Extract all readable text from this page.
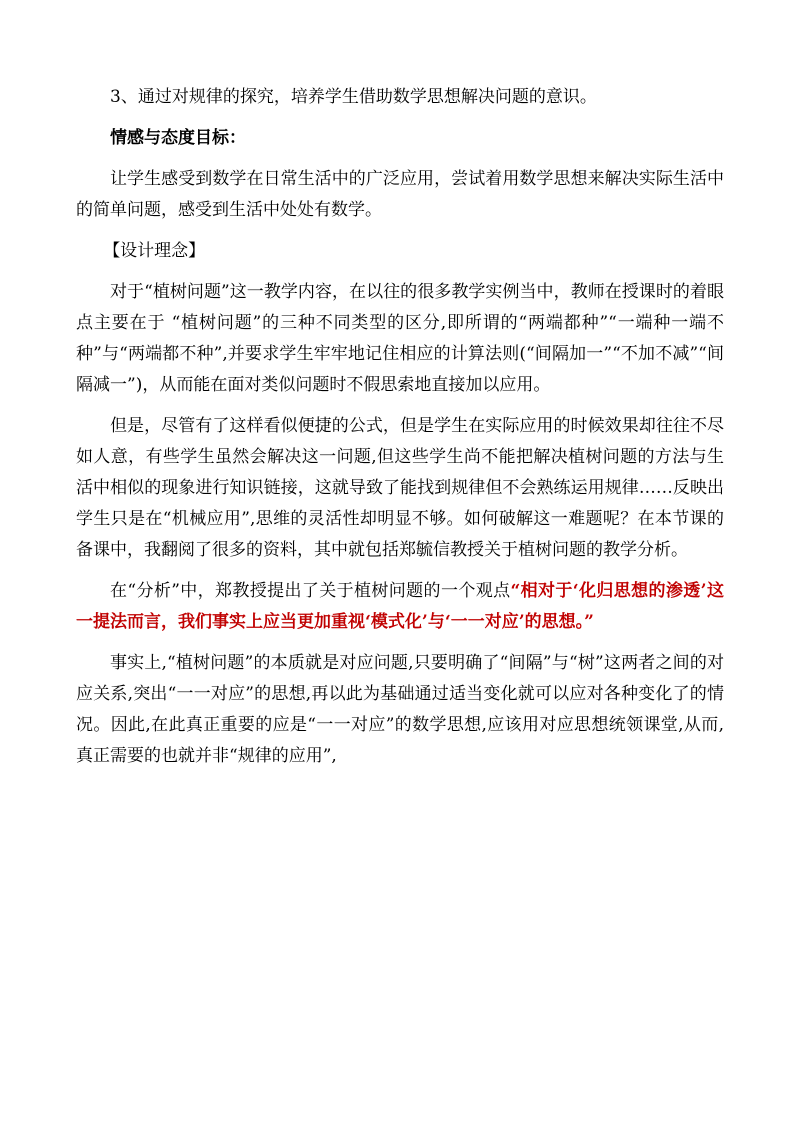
3、通过对规律的探究，培养学生借助数学思想解决问题的意识。

情感与态度目标：

让学生感受到数学在日常生活中的广泛应用，尝试着用数学思想来解决实际生活中的简单问题，感受到生活中处处有数学。

【设计理念】

对于“植树问题”这一教学内容，在以往的很多教学实例当中，教师在授课时的着眼点主要在于 “植树问题”的三种不同类型的区分,即所谓的“两端都种”“一端种一端不种”与“两端都不种”,并要求学生牢牢地记住相应的计算法则(“间隔加一”“不加不减”“间隔减一”)，从而能在面对类似问题时不假思索地直接加以应用。

但是，尽管有了这样看似便捷的公式，但是学生在实际应用的时候效果却往往不尽如人意，有些学生虽然会解决这一问题,但这些学生尚不能把解决植树问题的方法与生活中相似的现象进行知识链接，这就导致了能找到规律但不会熟练运用规律……反映出学生只是在“机械应用”,思维的灵活性却明显不够。如何破解这一难题呢？在本节课的备课中，我翻阅了很多的资料，其中就包括郑毓信教授关于植树问题的教学分析。

在“分析”中，郑教授提出了关于植树问题的一个观点“相对于‘化归思想的渗透’这一提法而言，我们事实上应当更加重视‘模式化’与‘一一对应’的思想。”

事实上,“植树问题”的本质就是对应问题,只要明确了“间隔”与“树”这两者之间的对应关系,突出“一一对应”的思想,再以此为基础通过适当变化就可以应对各种变化了的情况。因此,在此真正重要的应是“一一对应”的数学思想,应该用对应思想统领课堂,从而,真正需要的也就并非“规律的应用”,
